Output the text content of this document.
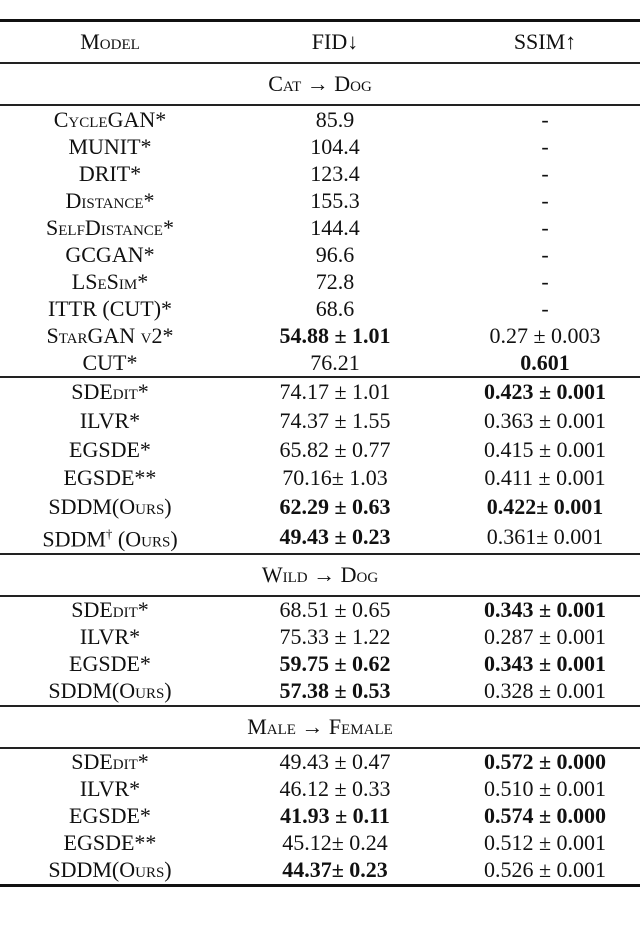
Model	FID↓	SSIM↑
Cat → Dog		
CycleGAN*	85.9	-
MUNIT*	104.4	-
DRIT*	123.4	-
Distance*	155.3	-
SelfDistance*	144.4	-
GCGAN*	96.6	-
LSeSim*	72.8	-
ITTR (CUT)*	68.6	-
StarGAN v2*	54.88 ± 1.01	0.27 ± 0.003
CUT*	76.21	0.601
SDEdit*	74.17 ± 1.01	0.423 ± 0.001
ILVR*	74.37 ± 1.55	0.363 ± 0.001
EGSDE*	65.82 ± 0.77	0.415 ± 0.001
EGSDE**	70.16± 1.03	0.411 ± 0.001
SDDM(Ours)	62.29 ± 0.63	0.422± 0.001
SDDM† (Ours)	49.43 ± 0.23	0.361± 0.001
Wild → Dog		
SDEdit*	68.51 ± 0.65	0.343 ± 0.001
ILVR*	75.33 ± 1.22	0.287 ± 0.001
EGSDE*	59.75 ± 0.62	0.343 ± 0.001
SDDM(Ours)	57.38 ± 0.53	0.328 ± 0.001
Male → Female		
SDEdit*	49.43 ± 0.47	0.572 ± 0.000
ILVR*	46.12 ± 0.33	0.510 ± 0.001
EGSDE*	41.93 ± 0.11	0.574 ± 0.000
EGSDE**	45.12± 0.24	0.512 ± 0.001
SDDM(Ours)	44.37± 0.23	0.526 ± 0.001
